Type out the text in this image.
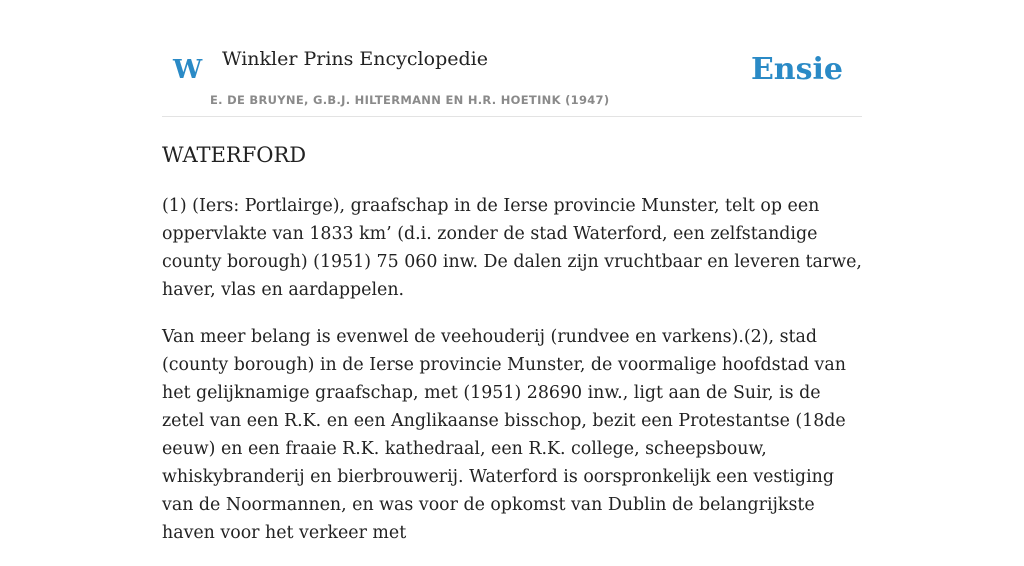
W Winkler Prins Encyclopedie
E. DE BRUYNE, G.B.J. HILTERMANN EN H.R. HOETINK (1947)
Ensie
WATERFORD

(1) (Iers: Portlairge), graafschap in de Ierse provincie Munster, telt op een oppervlakte van 1833 km’ (d.i. zonder de stad Waterford, een zelfstandige county borough) (1951) 75 060 inw. De dalen zijn vruchtbaar en leveren tarwe, haver, vlas en aardappelen.

Van meer belang is evenwel de veehouderij (rundvee en varkens).(2), stad (county borough) in de Ierse provincie Munster, de voormalige hoofdstad van het gelijknamige graafschap, met (1951) 28690 inw., ligt aan de Suir, is de zetel van een R.K. en een Anglikaanse bisschop, bezit een Protestantse (18de eeuw) en een fraaie R.K. kathedraal, een R.K. college, scheepsbouw, whiskybranderij en bierbrouwerij. Waterford is oorspronkelijk een vestiging van de Noormannen, en was voor de opkomst van Dublin de belangrijkste haven voor het verkeer met
